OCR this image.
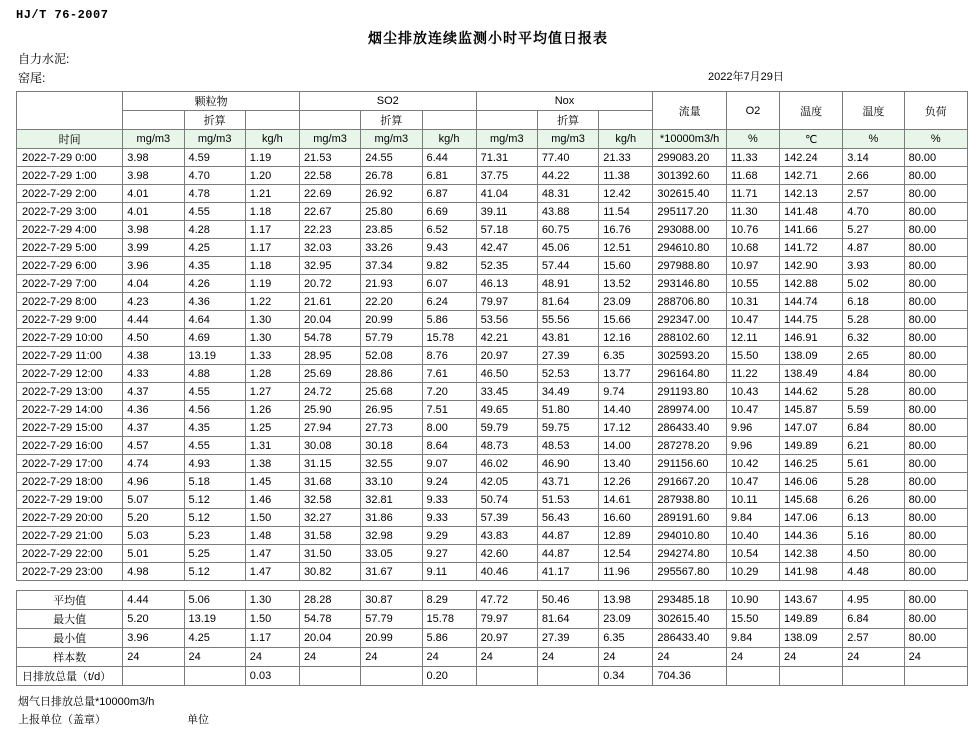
HJ/T 76-2007
烟尘排放连续监测小时平均值日报表
自力水泥:
窑尾:	2022年7月29日
	颗粒物			SO2			Nox			流量	O2	温度	温度	负荷
		折算			折算			折算						
时间	mg/m3	mg/m3	kg/h	mg/m3	mg/m3	kg/h	mg/m3	mg/m3	kg/h	*10000m3/h	%	℃	%	%
2022-7-29 0:00	3.98	4.59	1.19	21.53	24.55	6.44	71.31	77.40	21.33	299083.20	11.33	142.24	3.14	80.00
2022-7-29 1:00	3.98	4.70	1.20	22.58	26.78	6.81	37.75	44.22	11.38	301392.60	11.68	142.71	2.66	80.00
2022-7-29 2:00	4.01	4.78	1.21	22.69	26.92	6.87	41.04	48.31	12.42	302615.40	11.71	142.13	2.57	80.00
2022-7-29 3:00	4.01	4.55	1.18	22.67	25.80	6.69	39.11	43.88	11.54	295117.20	11.30	141.48	4.70	80.00
2022-7-29 4:00	3.98	4.28	1.17	22.23	23.85	6.52	57.18	60.75	16.76	293088.00	10.76	141.66	5.27	80.00
2022-7-29 5:00	3.99	4.25	1.17	32.03	33.26	9.43	42.47	45.06	12.51	294610.80	10.68	141.72	4.87	80.00
2022-7-29 6:00	3.96	4.35	1.18	32.95	37.34	9.82	52.35	57.44	15.60	297988.80	10.97	142.90	3.93	80.00
2022-7-29 7:00	4.04	4.26	1.19	20.72	21.93	6.07	46.13	48.91	13.52	293146.80	10.55	142.88	5.02	80.00
2022-7-29 8:00	4.23	4.36	1.22	21.61	22.20	6.24	79.97	81.64	23.09	288706.80	10.31	144.74	6.18	80.00
2022-7-29 9:00	4.44	4.64	1.30	20.04	20.99	5.86	53.56	55.56	15.66	292347.00	10.47	144.75	5.28	80.00
2022-7-29 10:00	4.50	4.69	1.30	54.78	57.79	15.78	42.21	43.81	12.16	288102.60	12.11	146.91	6.32	80.00
2022-7-29 11:00	4.38	13.19	1.33	28.95	52.08	8.76	20.97	27.39	6.35	302593.20	15.50	138.09	2.65	80.00
2022-7-29 12:00	4.33	4.88	1.28	25.69	28.86	7.61	46.50	52.53	13.77	296164.80	11.22	138.49	4.84	80.00
2022-7-29 13:00	4.37	4.55	1.27	24.72	25.68	7.20	33.45	34.49	9.74	291193.80	10.43	144.62	5.28	80.00
2022-7-29 14:00	4.36	4.56	1.26	25.90	26.95	7.51	49.65	51.80	14.40	289974.00	10.47	145.87	5.59	80.00
2022-7-29 15:00	4.37	4.35	1.25	27.94	27.73	8.00	59.79	59.75	17.12	286433.40	9.96	147.07	6.84	80.00
2022-7-29 16:00	4.57	4.55	1.31	30.08	30.18	8.64	48.73	48.53	14.00	287278.20	9.96	149.89	6.21	80.00
2022-7-29 17:00	4.74	4.93	1.38	31.15	32.55	9.07	46.02	46.90	13.40	291156.60	10.42	146.25	5.61	80.00
2022-7-29 18:00	4.96	5.18	1.45	31.68	33.10	9.24	42.05	43.71	12.26	291667.20	10.47	146.06	5.28	80.00
2022-7-29 19:00	5.07	5.12	1.46	32.58	32.81	9.33	50.74	51.53	14.61	287938.80	10.11	145.68	6.26	80.00
2022-7-29 20:00	5.20	5.12	1.50	32.27	31.86	9.33	57.39	56.43	16.60	289191.60	9.84	147.06	6.13	80.00
2022-7-29 21:00	5.03	5.23	1.48	31.58	32.98	9.29	43.83	44.87	12.89	294010.80	10.40	144.36	5.16	80.00
2022-7-29 22:00	5.01	5.25	1.47	31.50	33.05	9.27	42.60	44.87	12.54	294274.80	10.54	142.38	4.50	80.00
2022-7-29 23:00	4.98	5.12	1.47	30.82	31.67	9.11	40.46	41.17	11.96	295567.80	10.29	141.98	4.48	80.00

平均值	4.44	5.06	1.30	28.28	30.87	8.29	47.72	50.46	13.98	293485.18	10.90	143.67	4.95	80.00
最大值	5.20	13.19	1.50	54.78	57.79	15.78	79.97	81.64	23.09	302615.40	15.50	149.89	6.84	80.00
最小值	3.96	4.25	1.17	20.04	20.99	5.86	20.97	27.39	6.35	286433.40	9.84	138.09	2.57	80.00
样本数	24	24	24	24	24	24	24	24	24	24	24	24	24	24
日排放总量（t/d）			0.03			0.20			0.34	704.36				
烟气日排放总量*10000m3/h
上报单位（盖章）	单位
